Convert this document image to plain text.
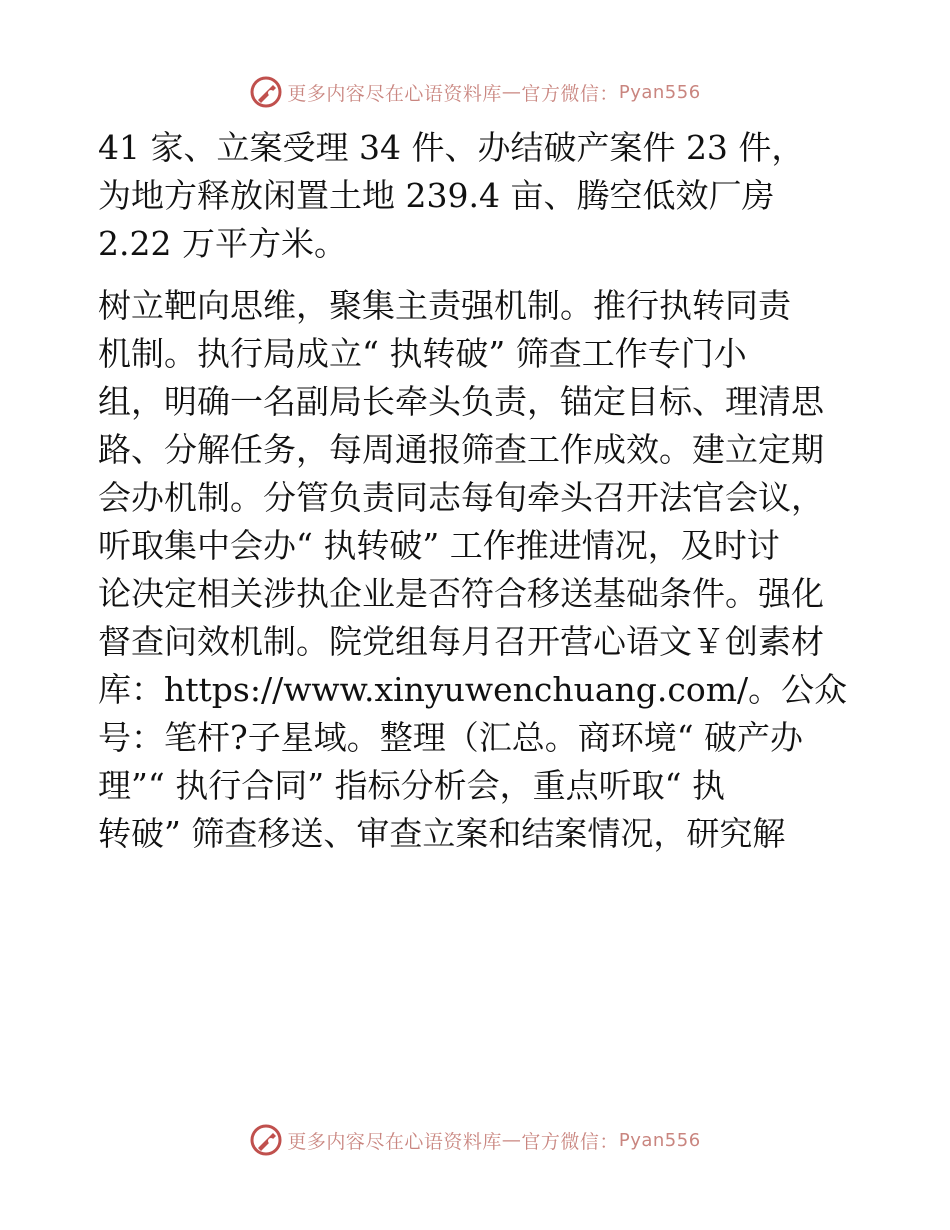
更多内容尽在心语资料库 — 官方微信： Pyan556
41 家、立案受理 34 件、办结破产案件 23 件，
为地方释放闲置土地 239.4 亩、腾空低效厂房
2.22 万平方米。
树立靶向思维，聚集主责强机制。推行执转同责
机制。执行局成立“ 执转破” 筛查工作专门小
组，明确一名副局长牵头负责，锚定目标、理清思
路、分解任务，每周通报筛查工作成效。建立定期
会办机制。分管负责同志每旬牵头召开法官会议，
听取集中会办“ 执转破” 工作推进情况，及时讨
论决定相关涉执企业是否符合移送基础条件。强化
督查问效机制。院党组每月召开营心语文￥创素材
库：https://www.xinyuwenchuang.com/。公众
号：笔杆?子星域。整理（汇总。商环境“ 破产办
理”“ 执行合同” 指标分析会，重点听取“ 执
转破” 筛查移送、审查立案和结案情况，研究解
更多内容尽在心语资料库 — 官方微信： Pyan556
